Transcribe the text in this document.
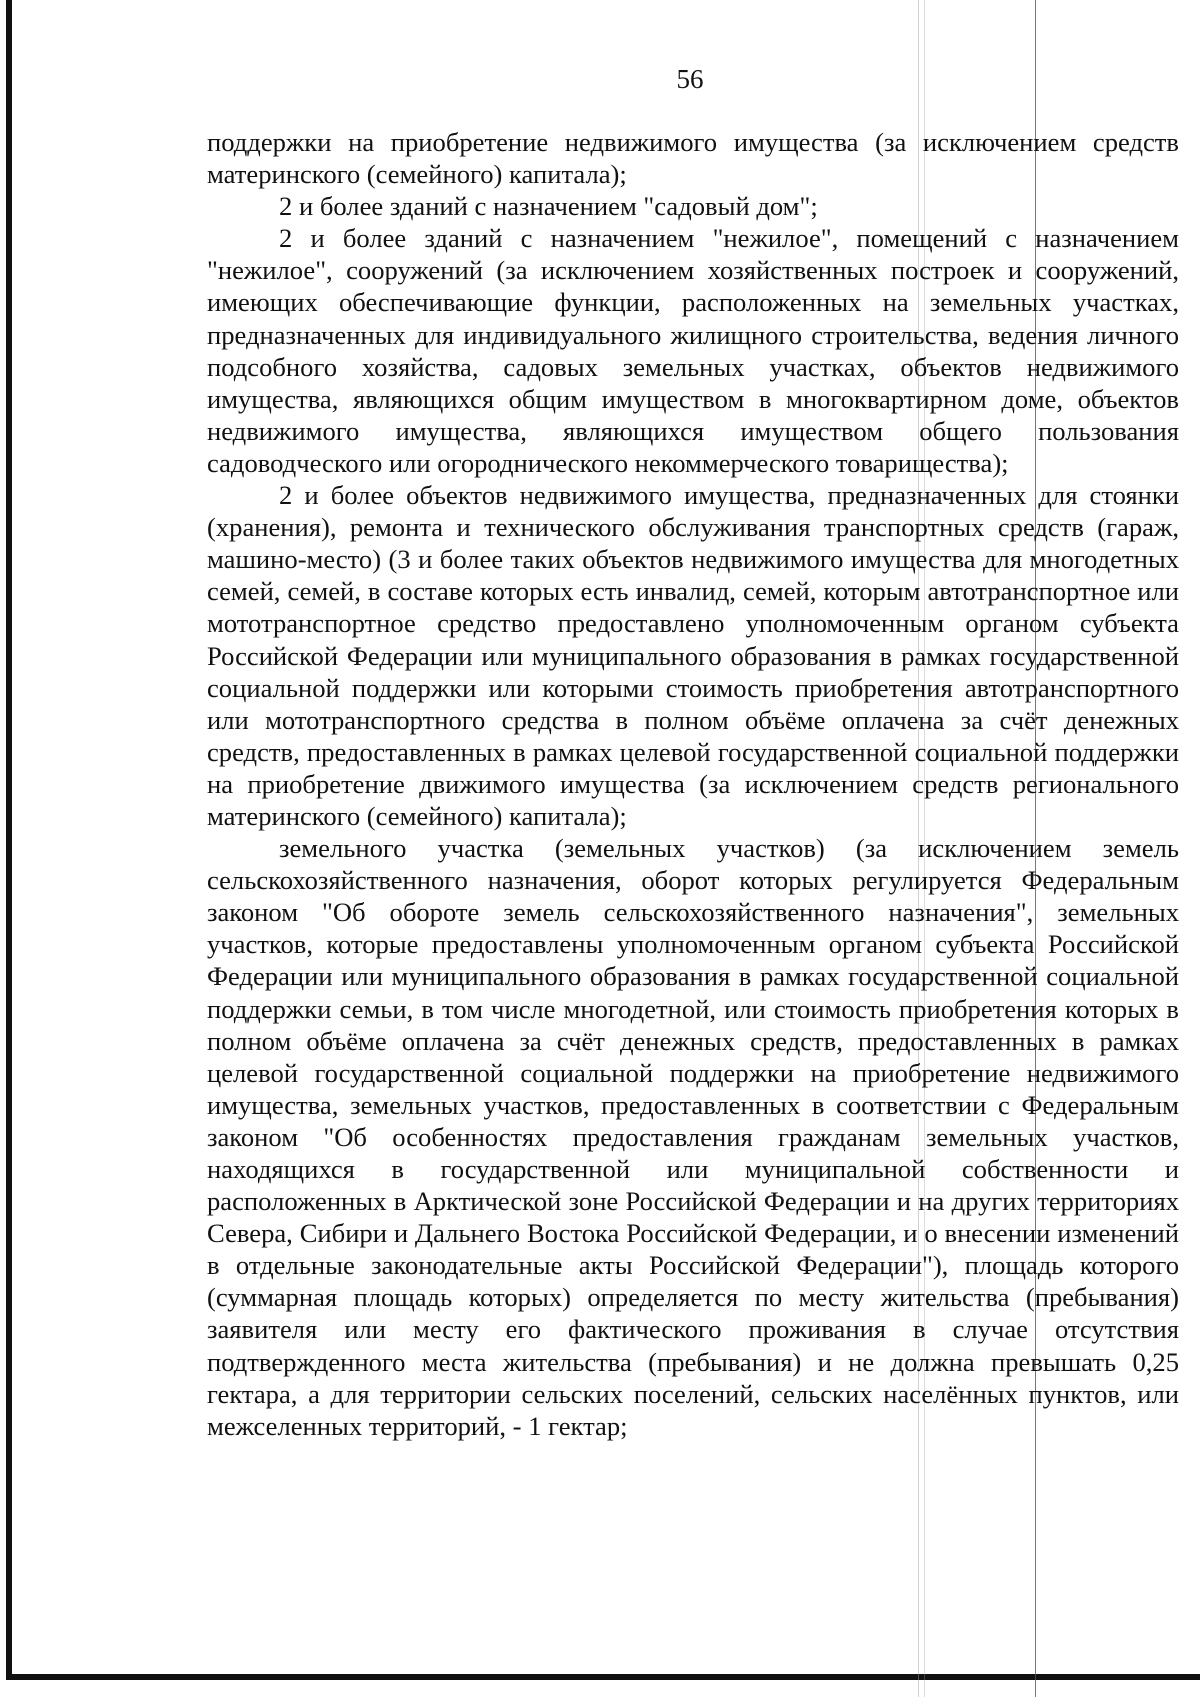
56

поддержки на приобретение недвижимого имущества (за исключением средств материнского (семейного) капитала);

2 и более зданий с назначением "садовый дом";

2 и более зданий с назначением "нежилое", помещений с назначением "нежилое", сооружений (за исключением хозяйственных построек и сооружений, имеющих обеспечивающие функции, расположенных на земельных участках, предназначенных для индивидуального жилищного строительства, ведения личного подсобного хозяйства, садовых земельных участках, объектов недвижимого имущества, являющихся общим имуществом в многоквартирном доме, объектов недвижимого имущества, являющихся имуществом общего пользования садоводческого или огороднического некоммерческого товарищества);

2 и более объектов недвижимого имущества, предназначенных для стоянки (хранения), ремонта и технического обслуживания транспортных средств (гараж, машино-место) (3 и более таких объектов недвижимого имущества для многодетных семей, семей, в составе которых есть инвалид, семей, которым автотранспортное или мототранспортное средство предоставлено уполномоченным органом субъекта Российской Федерации или муниципального образования в рамках государственной социальной поддержки или которыми стоимость приобретения автотранспортного или мототранспортного средства в полном объёме оплачена за счёт денежных средств, предоставленных в рамках целевой государственной социальной поддержки на приобретение движимого имущества (за исключением средств регионального материнского (семейного) капитала);

земельного участка (земельных участков) (за исключением земель сельскохозяйственного назначения, оборот которых регулируется Федеральным законом "Об обороте земель сельскохозяйственного назначения", земельных участков, которые предоставлены уполномоченным органом субъекта Российской Федерации или муниципального образования в рамках государственной социальной поддержки семьи, в том числе многодетной, или стоимость приобретения которых в полном объёме оплачена за счёт денежных средств, предоставленных в рамках целевой государственной социальной поддержки на приобретение недвижимого имущества, земельных участков, предоставленных в соответствии с Федеральным законом "Об особенностях предоставления гражданам земельных участков, находящихся в государственной или муниципальной собственности и расположенных в Арктической зоне Российской Федерации и на других территориях Севера, Сибири и Дальнего Востока Российской Федерации, и о внесении изменений в отдельные законодательные акты Российской Федерации"), площадь которого (суммарная площадь которых) определяется по месту жительства (пребывания) заявителя или месту его фактического проживания в случае отсутствия подтвержденного места жительства (пребывания) и не должна превышать 0,25 гектара, а для территории сельских поселений, сельских населённых пунктов, или межселенных территорий, - 1 гектар;
